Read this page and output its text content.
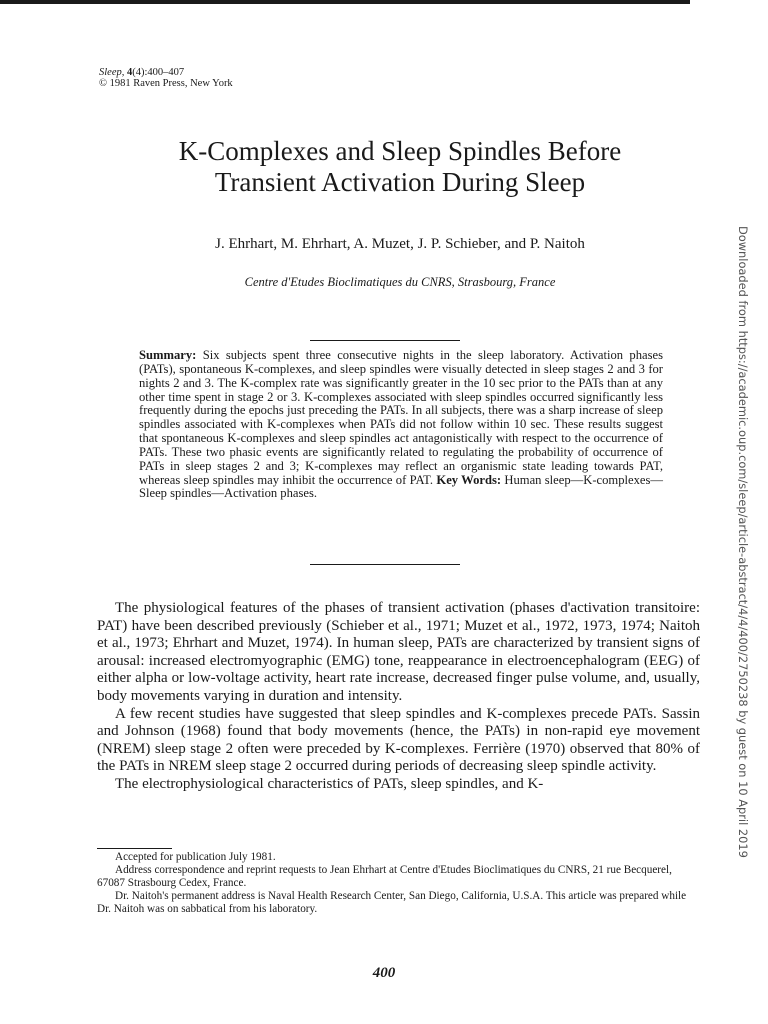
Sleep, 4(4):400–407
© 1981 Raven Press, New York
K-Complexes and Sleep Spindles Before
Transient Activation During Sleep
J. Ehrhart, M. Ehrhart, A. Muzet, J. P. Schieber, and P. Naitoh
Centre d'Etudes Bioclimatiques du CNRS, Strasbourg, France
Summary: Six subjects spent three consecutive nights in the sleep laboratory. Activation phases (PATs), spontaneous K-complexes, and sleep spindles were visually detected in sleep stages 2 and 3 for nights 2 and 3. The K-complex rate was significantly greater in the 10 sec prior to the PATs than at any other time spent in stage 2 or 3. K-complexes associated with sleep spindles occurred significantly less frequently during the epochs just preceding the PATs. In all subjects, there was a sharp increase of sleep spindles associated with K-complexes when PATs did not follow within 10 sec. These results suggest that spontaneous K-complexes and sleep spindles act antagonistically with respect to the occurrence of PATs. These two phasic events are significantly related to regulating the probability of occurrence of PATs in sleep stages 2 and 3; K-complexes may reflect an organismic state leading towards PAT, whereas sleep spindles may inhibit the occurrence of PAT. Key Words: Human sleep—K-complexes—Sleep spindles—Activation phases.

The physiological features of the phases of transient activation (phases d'activation transitoire: PAT) have been described previously (Schieber et al., 1971; Muzet et al., 1972, 1973, 1974; Naitoh et al., 1973; Ehrhart and Muzet, 1974). In human sleep, PATs are characterized by transient signs of arousal: increased electromyographic (EMG) tone, reappearance in electroencephalogram (EEG) of either alpha or low-voltage activity, heart rate increase, decreased finger pulse volume, and, usually, body movements varying in duration and intensity.

A few recent studies have suggested that sleep spindles and K-complexes precede PATs. Sassin and Johnson (1968) found that body movements (hence, the PATs) in non-rapid eye movement (NREM) sleep stage 2 often were preceded by K-complexes. Ferrière (1970) observed that 80% of the PATs in NREM sleep stage 2 occurred during periods of decreasing sleep spindle activity.

The electrophysiological characteristics of PATs, sleep spindles, and K-

Accepted for publication July 1981.

Address correspondence and reprint requests to Jean Ehrhart at Centre d'Etudes Bioclimatiques du CNRS, 21 rue Becquerel, 67087 Strasbourg Cedex, France.

Dr. Naitoh's permanent address is Naval Health Research Center, San Diego, California, U.S.A. This article was prepared while Dr. Naitoh was on sabbatical from his laboratory.

400
Downloaded from https://academic.oup.com/sleep/article-abstract/4/4/400/2750238 by guest on 10 April 2019
